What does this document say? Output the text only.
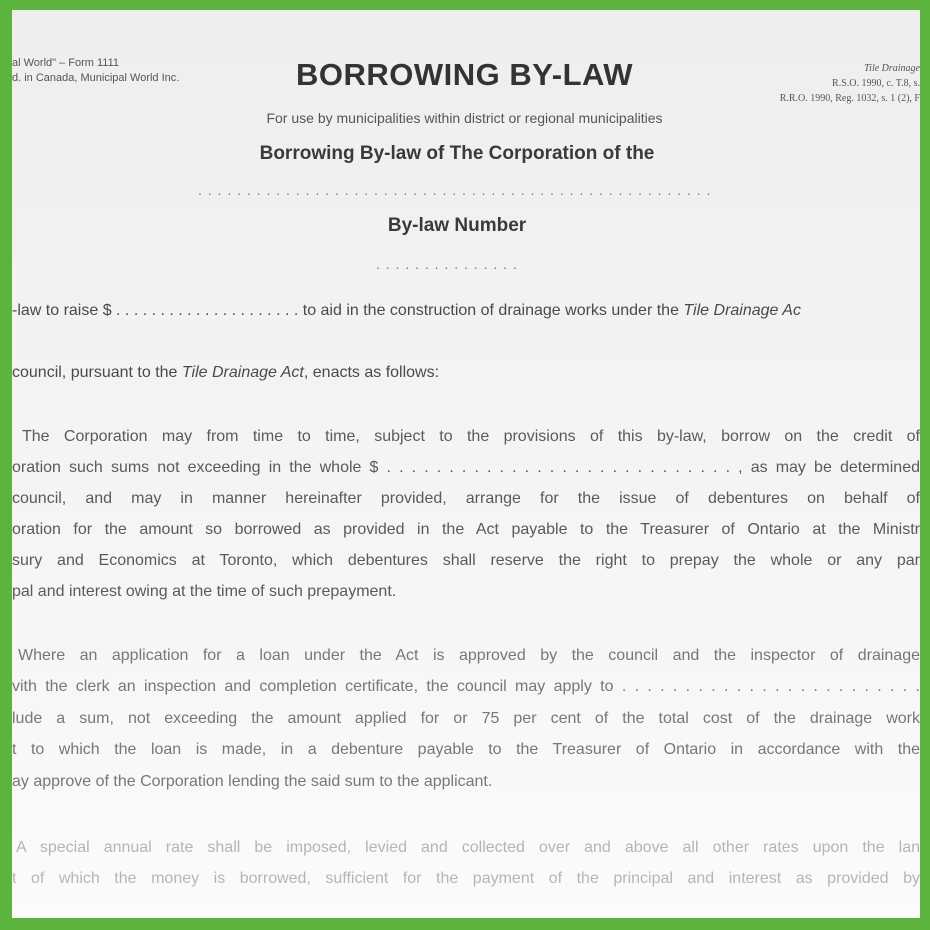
al World" – Form 1111
d. in Canada, Municipal World Inc.
Tile Drainage
R.S.O. 1990, c. T.8, s.
R.R.O. 1990, Reg. 1032, s. 1 (2), F
BORROWING BY-LAW
For use by municipalities within district or regional municipalities
Borrowing By-law of The Corporation of the
. . . . . . . . . . . . . . . . . . . . . . . . . . . . . . . . . . . . . . . . . . . . . . . . . . . . .
By-law Number
. . . . . . . . . . . . . . .
-law to raise $ . . . . . . . . . . . . . . . . . . . . . to aid in the construction of drainage works under the Tile Drainage Ac
council, pursuant to the Tile Drainage Act, enacts as follows:
The Corporation may from time to time, subject to the provisions of this by-law, borrow on the credit of
oration such sums not exceeding in the whole $ . . . . . . . . . . . . . . . . . . . . . . . . . . . . , as may be determined
council, and may in manner hereinafter provided, arrange for the issue of debentures on behalf of
oration for the amount so borrowed as provided in the Act payable to the Treasurer of Ontario at the Ministr
sury and Economics at Toronto, which debentures shall reserve the right to prepay the whole or any par
pal and interest owing at the time of such prepayment.
Where an application for a loan under the Act is approved by the council and the inspector of drainage
vith the clerk an inspection and completion certificate, the council may apply to . . . . . . . . . . . . . . . . . . . . . . . .
lude a sum, not exceeding the amount applied for or 75 per cent of the total cost of the drainage work
t to which the loan is made, in a debenture payable to the Treasurer of Ontario in accordance with the
ay approve of the Corporation lending the said sum to the applicant.
A special annual rate shall be imposed, levied and collected over and above all other rates upon the lan
t of which the money is borrowed, sufficient for the payment of the principal and interest as provided by
